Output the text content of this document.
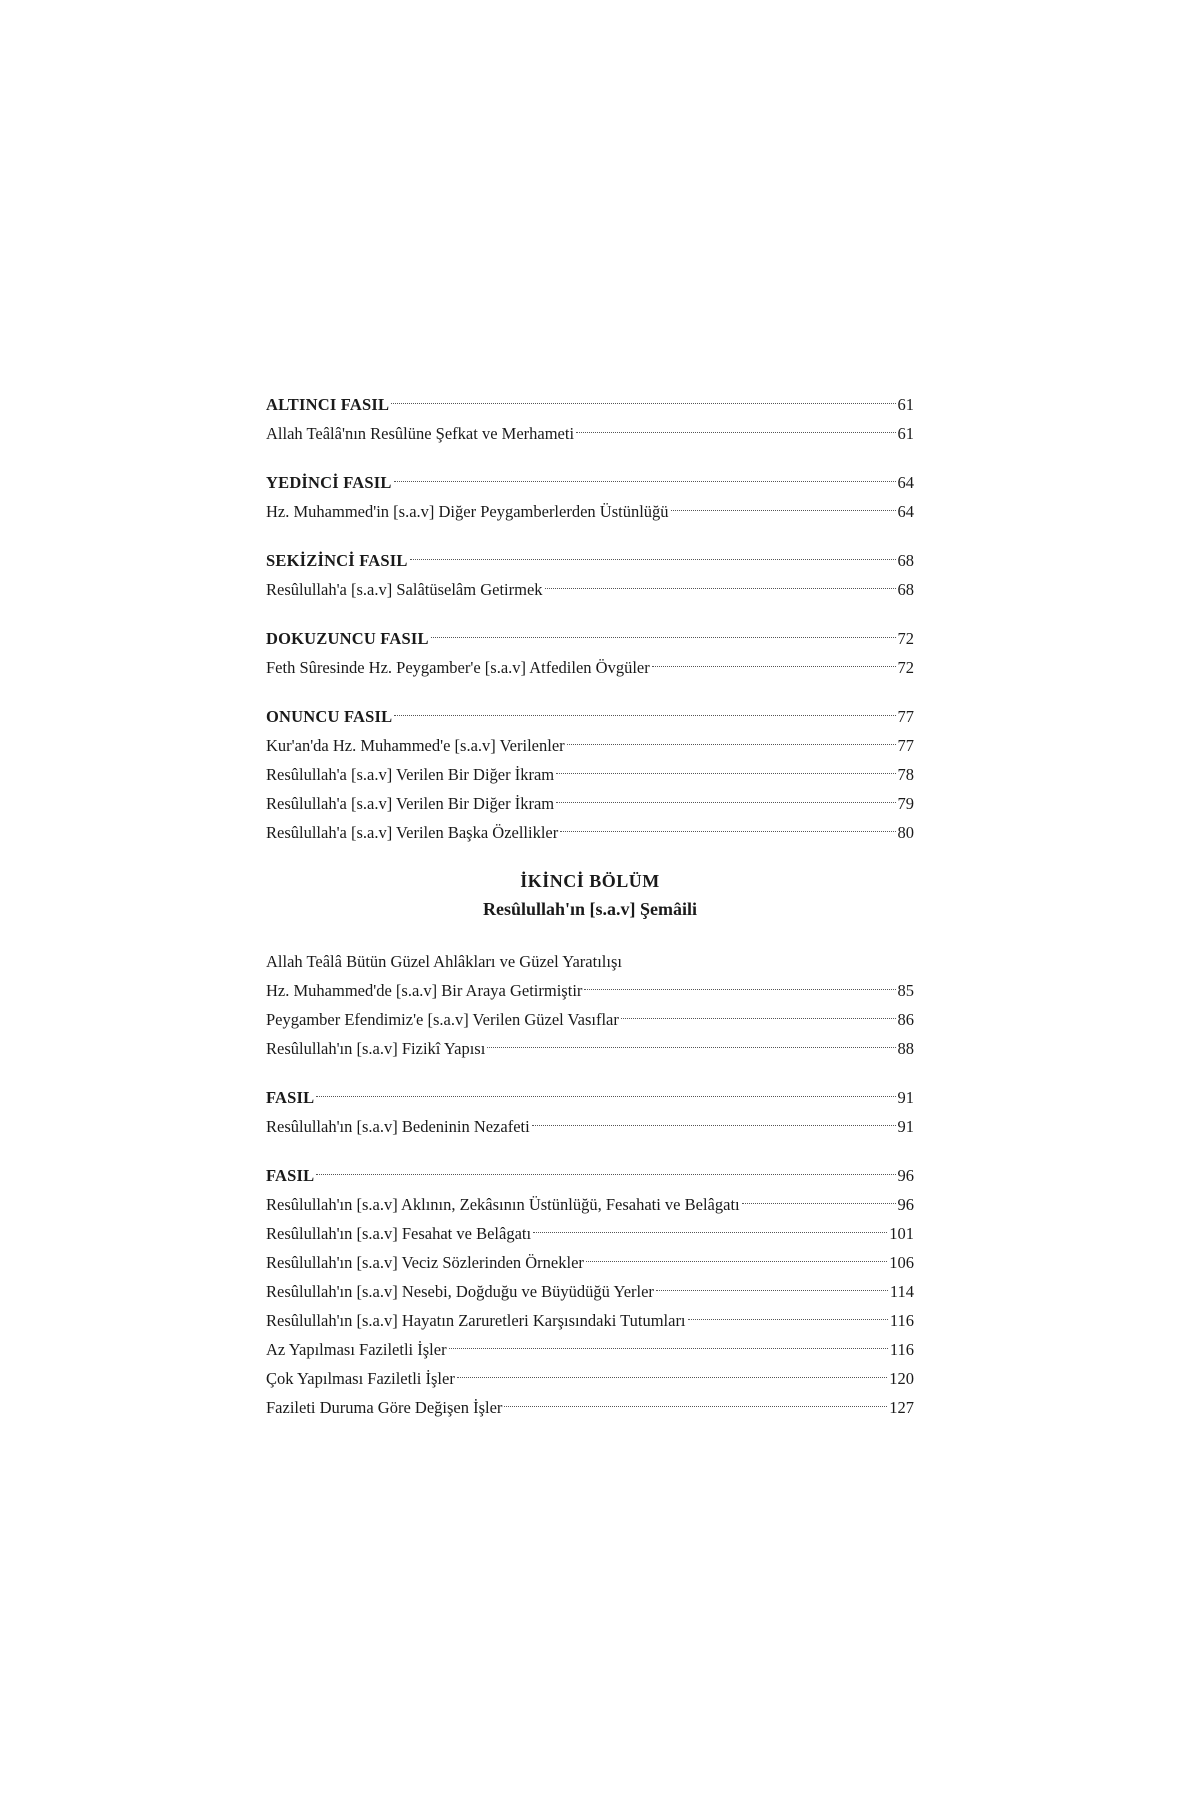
ALTINCI FASIL	61
Allah Teâlâ'nın Resûlüne Şefkat ve Merhameti	61
YEDİNCİ FASIL	64
Hz. Muhammed'in [s.a.v] Diğer Peygamberlerden Üstünlüğü	64
SEKİZİNCİ FASIL	68
Resûlullah'a [s.a.v] Salâtüselâm Getirmek	68
DOKUZUNCU FASIL	72
Feth Sûresinde Hz. Peygamber'e [s.a.v] Atfedilen Övgüler	72
ONUNCU FASIL	77
Kur'an'da Hz. Muhammed'e [s.a.v] Verilenler	77
Resûlullah'a [s.a.v] Verilen Bir Diğer İkram	78
Resûlullah'a [s.a.v] Verilen Bir Diğer İkram	79
Resûlullah'a [s.a.v] Verilen Başka Özellikler	80
İKİNCİ BÖLÜM
Resûlullah'ın [s.a.v] Şemâili
Allah Teâlâ Bütün Güzel Ahlâkları ve Güzel Yaratılışı
Hz. Muhammed'de [s.a.v] Bir Araya Getirmiştir	85
Peygamber Efendimiz'e [s.a.v] Verilen Güzel Vasıflar	86
Resûlullah'ın [s.a.v] Fizikî Yapısı	88
FASIL	91
Resûlullah'ın [s.a.v] Bedeninin Nezafeti	91
FASIL	96
Resûlullah'ın [s.a.v] Aklının, Zekâsının Üstünlüğü, Fesahati ve Belâgatı	96
Resûlullah'ın [s.a.v] Fesahat ve Belâgatı	101
Resûlullah'ın [s.a.v] Veciz Sözlerinden Örnekler	106
Resûlullah'ın [s.a.v] Nesebi, Doğduğu ve Büyüdüğü Yerler	114
Resûlullah'ın [s.a.v] Hayatın Zaruretleri Karşısındaki Tutumları	116
Az Yapılması Faziletli İşler	116
Çok Yapılması Faziletli İşler	120
Fazileti Duruma Göre Değişen İşler	127
